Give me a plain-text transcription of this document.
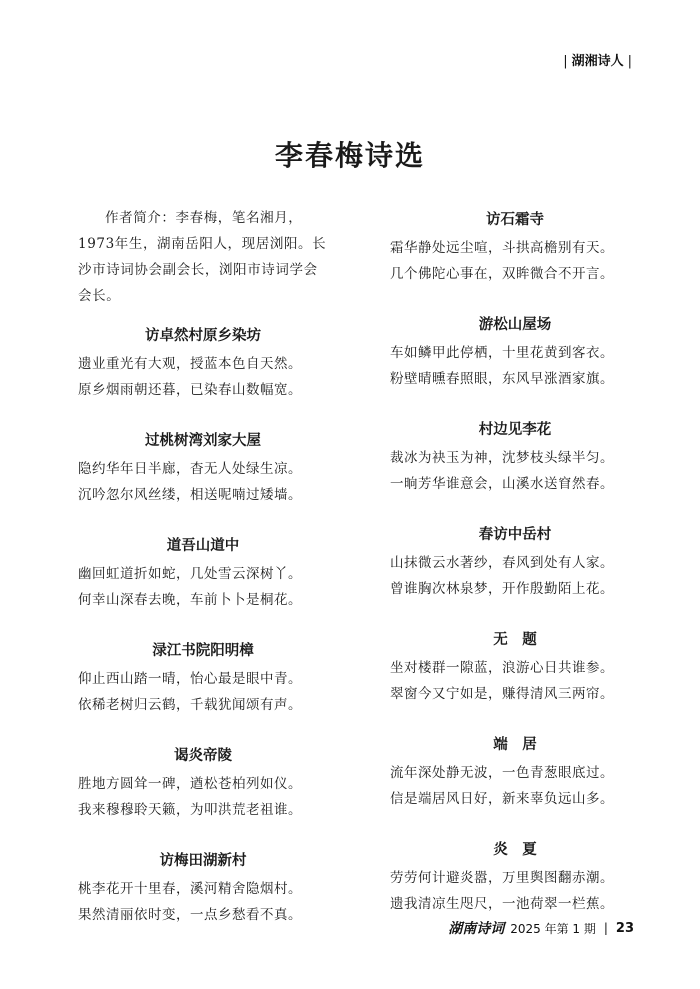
| 湖湘诗人 |
李春梅诗选

作者简介：李春梅，笔名湘月，1973年生，湖南岳阳人，现居浏阳。长沙市诗词协会副会长，浏阳市诗词学会会长。

访卓然村原乡染坊
遗业重光有大观，授蓝本色自天然。
原乡烟雨朝还暮，已染春山数幅宽。
过桃树湾刘家大屋
隐约华年日半廊，杳无人处绿生凉。
沉吟忽尔风丝缕，相送呢喃过矮墙。
道吾山道中
幽回虹道折如蛇，几处雪云深树丫。
何幸山深春去晚，车前卜卜是桐花。
渌江书院阳明樟
仰止西山踏一晴，怡心最是眼中青。
依稀老树归云鹤，千载犹闻颂有声。
谒炎帝陵
胜地方圆耸一碑，遒松苍柏列如仪。
我来穆穆聆天籁，为叩洪荒老祖谁。
访梅田湖新村
桃李花开十里春，溪河精舍隐烟村。
果然清丽依时变，一点乡愁看不真。
访石霜寺
霜华静处远尘喧，斗拱高檐别有天。
几个佛陀心事在，双眸微合不开言。
游松山屋场
车如鳞甲此停栖，十里花黄到客衣。
粉壁晴曛春照眼，东风早涨酒家旗。
村边见李花
裁冰为袂玉为神，沈梦枝头绿半匀。
一晌芳华谁意会，山溪水送窅然春。
春访中岳村
山抹微云水著纱，春风到处有人家。
曾谁胸次林泉梦，开作殷勤陌上花。
无　题
坐对楼群一隙蓝，浪游心日共谁参。
翠窗今又宁如是，赚得清风三两帘。
端　居
流年深处静无波，一色青葱眼底过。
信是端居风日好，新来辜负远山多。
炎　夏
劳劳何计避炎嚣，万里舆图翻赤潮。
遗我清凉生咫尺，一池荷翠一栏蕉。
湖南诗词 2025 年第 1 期 | 23
